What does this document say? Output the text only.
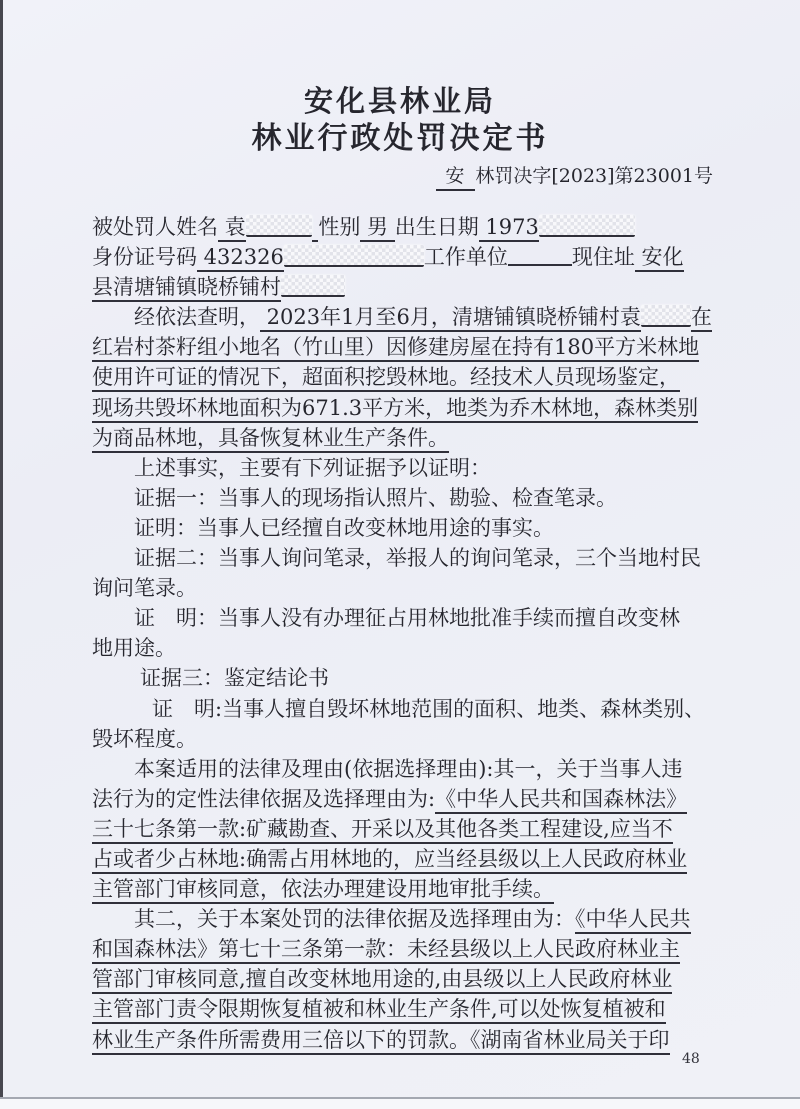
安化县林业局
林业行政处罚决定书
安 林罚决字[2023]第23001号
被处罚人姓名 袁	性别 男 出生日期 1973
身份证号码 432326	工作单位	现住址 安化
县清塘铺镇晓桥铺村
经依法查明， 2023年1月至6月，清塘铺镇晓桥铺村袁 在
红岩村茶籽组小地名（竹山里）因修建房屋在持有180平方米林地
使用许可证的情况下，超面积挖毁林地。经技术人员现场鉴定，
现场共毁坏林地面积为671.3平方米，地类为乔木林地，森林类别
为商品林地，具备恢复林业生产条件。
上述事实，主要有下列证据予以证明：
证据一：当事人的现场指认照片、勘验、检查笔录。
证明：当事人已经擅自改变林地用途的事实。
证据二：当事人询问笔录，举报人的询问笔录，三个当地村民
询问笔录。
证　明：当事人没有办理征占用林地批准手续而擅自改变林
地用途。
证据三：鉴定结论书
证　明:当事人擅自毁坏林地范围的面积、地类、森林类别、
毁坏程度。
本案适用的法律及理由(依据选择理由):其一，关于当事人违
法行为的定性法律依据及选择理由为:《中华人民共和国森林法》
三十七条第一款:矿藏勘查、开采以及其他各类工程建设,应当不
占或者少占林地:确需占用林地的，应当经县级以上人民政府林业
主管部门审核同意，依法办理建设用地审批手续。
其二，关于本案处罚的法律依据及选择理由为：《中华人民共
和国森林法》第七十三条第一款：未经县级以上人民政府林业主
管部门审核同意,擅自改变林地用途的,由县级以上人民政府林业
主管部门责令限期恢复植被和林业生产条件,可以处恢复植被和
林业生产条件所需费用三倍以下的罚款。《湖南省林业局关于印
48
